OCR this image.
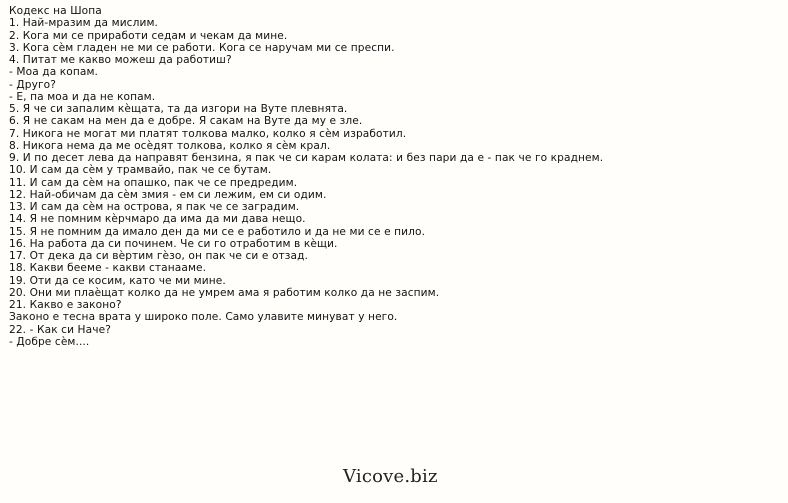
Кодекс на Шопа
1. Най-мразим да мислим.
2. Кога ми се приработи седам и чекам да мине.
3. Кога сѐм гладен не ми се работи. Кога се наручам ми се преспи.
4. Питат ме какво можеш да работиш?
- Моа да копам.
- Друго?
- Е, па моа и да не копам.
5. Я че си запалим кѐщата, та да изгори на Вуте плевнята.
6. Я не сакам на мен да е добре. Я сакам на Вуте да му е зле.
7. Никога не могат ми платят толкова малко, колко я сѐм изработил.
8. Никога нема да ме осѐдят толкова, колко я сѐм крал.
9. И по десет лева да направят бензина, я пак че си карам колата: и без пари да е - пак че го краднем.
10. И сам да сѐм у трамвайо, пак че се бутам.
11. И сам да сѐм на опашко, пак че се предредим.
12. Най-обичам да сѐм змия - ем си лежим, ем си одим.
13. И сам да сѐм на острова, я пак че се заградим.
14. Я не помним кѐрчмаро да има да ми дава нещо.
15. Я не помним да имало ден да ми се е работило и да не ми се е пило.
16. На работа да си починем. Че си го отработим в кѐщи.
17. От дека да си вѐртим гѐзо, он пак че си е отзад.
18. Какви бееме - какви станааме.
19. Оти да се косим, като че ми мине.
20. Они ми плаѐщат колко да не умрем ама я работим колко да не заспим.
21. Какво е законо?
Законо е тесна врата у широко поле. Само улавите минуват у него.
22. - Как си Наче?
- Добре сѐм....
Vicove.biz
